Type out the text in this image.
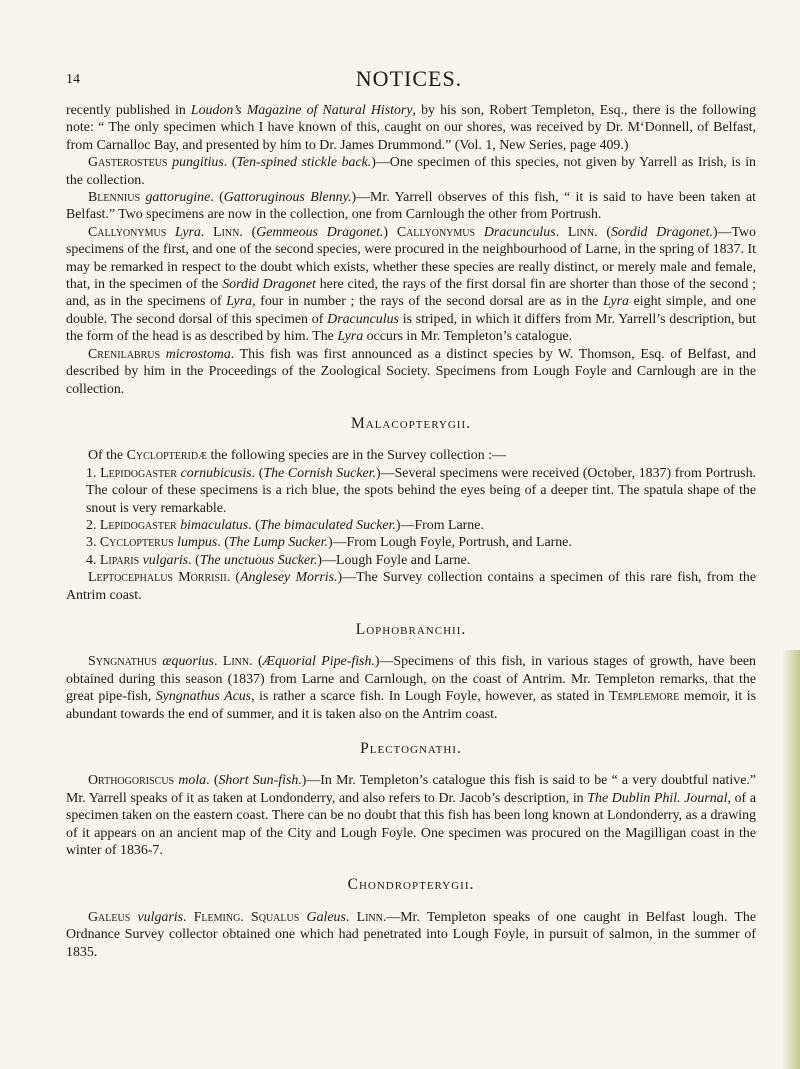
14	NOTICES.

recently published in Loudon’s Magazine of Natural History, by his son, Robert Templeton, Esq., there is the following note: “ The only specimen which I have known of this, caught on our shores, was received by Dr. M‘Donnell, of Belfast, from Carnalloc Bay, and presented by him to Dr. James Drummond.” (Vol. 1, New Series, page 409.)

Gasterosteus pungitius. (Ten-spined stickle back.)—One specimen of this species, not given by Yarrell as Irish, is in the collection.

Blennius gattorugine. (Gattoruginous Blenny.)—Mr. Yarrell observes of this fish, “ it is said to have been taken at Belfast.” Two specimens are now in the collection, one from Carnlough the other from Portrush.

Callyonymus Lyra. Linn. (Gemmeous Dragonet.) Callyonymus Dracunculus. Linn. (Sordid Dragonet.)—Two specimens of the first, and one of the second species, were procured in the neighbourhood of Larne, in the spring of 1837. It may be remarked in respect to the doubt which exists, whether these species are really distinct, or merely male and female, that, in the specimen of the Sordid Dragonet here cited, the rays of the first dorsal fin are shorter than those of the second ; and, as in the specimens of Lyra, four in number ; the rays of the second dorsal are as in the Lyra eight simple, and one double. The second dorsal of this specimen of Dracunculus is striped, in which it differs from Mr. Yarrell’s description, but the form of the head is as described by him. The Lyra occurs in Mr. Templeton’s catalogue.

Crenilabrus microstoma. This fish was first announced as a distinct species by W. Thomson, Esq. of Belfast, and described by him in the Proceedings of the Zoological Society. Specimens from Lough Foyle and Carnlough are in the collection.

Malacopterygii.

Of the Cyclopteridæ the following species are in the Survey collection :—

1. Lepidogaster cornubicusis. (The Cornish Sucker.)—Several specimens were received (October, 1837) from Portrush. The colour of these specimens is a rich blue, the spots behind the eyes being of a deeper tint. The spatula shape of the snout is very remarkable.
2. Lepidogaster bimaculatus. (The bimaculated Sucker.)—From Larne.
3. Cyclopterus lumpus. (The Lump Sucker.)—From Lough Foyle, Portrush, and Larne.
4. Liparis vulgaris. (The unctuous Sucker.)—Lough Foyle and Larne.

Leptocephalus Morrisii. (Anglesey Morris.)—The Survey collection contains a specimen of this rare fish, from the Antrim coast.

Lophobranchii.

Syngnathus æquorius. Linn. (Æquorial Pipe-fish.)—Specimens of this fish, in various stages of growth, have been obtained during this season (1837) from Larne and Carnlough, on the coast of Antrim. Mr. Templeton remarks, that the great pipe-fish, Syngnathus Acus, is rather a scarce fish. In Lough Foyle, however, as stated in Templemore memoir, it is abundant towards the end of summer, and it is taken also on the Antrim coast.

Plectognathi.

Orthogoriscus mola. (Short Sun-fish.)—In Mr. Templeton’s catalogue this fish is said to be “ a very doubtful native.” Mr. Yarrell speaks of it as taken at Londonderry, and also refers to Dr. Jacob’s description, in The Dublin Phil. Journal, of a specimen taken on the eastern coast. There can be no doubt that this fish has been long known at Londonderry, as a drawing of it appears on an ancient map of the City and Lough Foyle. One specimen was procured on the Magilligan coast in the winter of 1836-7.

Chondropterygii.

Galeus vulgaris. Fleming. Squalus Galeus. Linn.—Mr. Templeton speaks of one caught in Belfast lough. The Ordnance Survey collector obtained one which had penetrated into Lough Foyle, in pursuit of salmon, in the summer of 1835.
